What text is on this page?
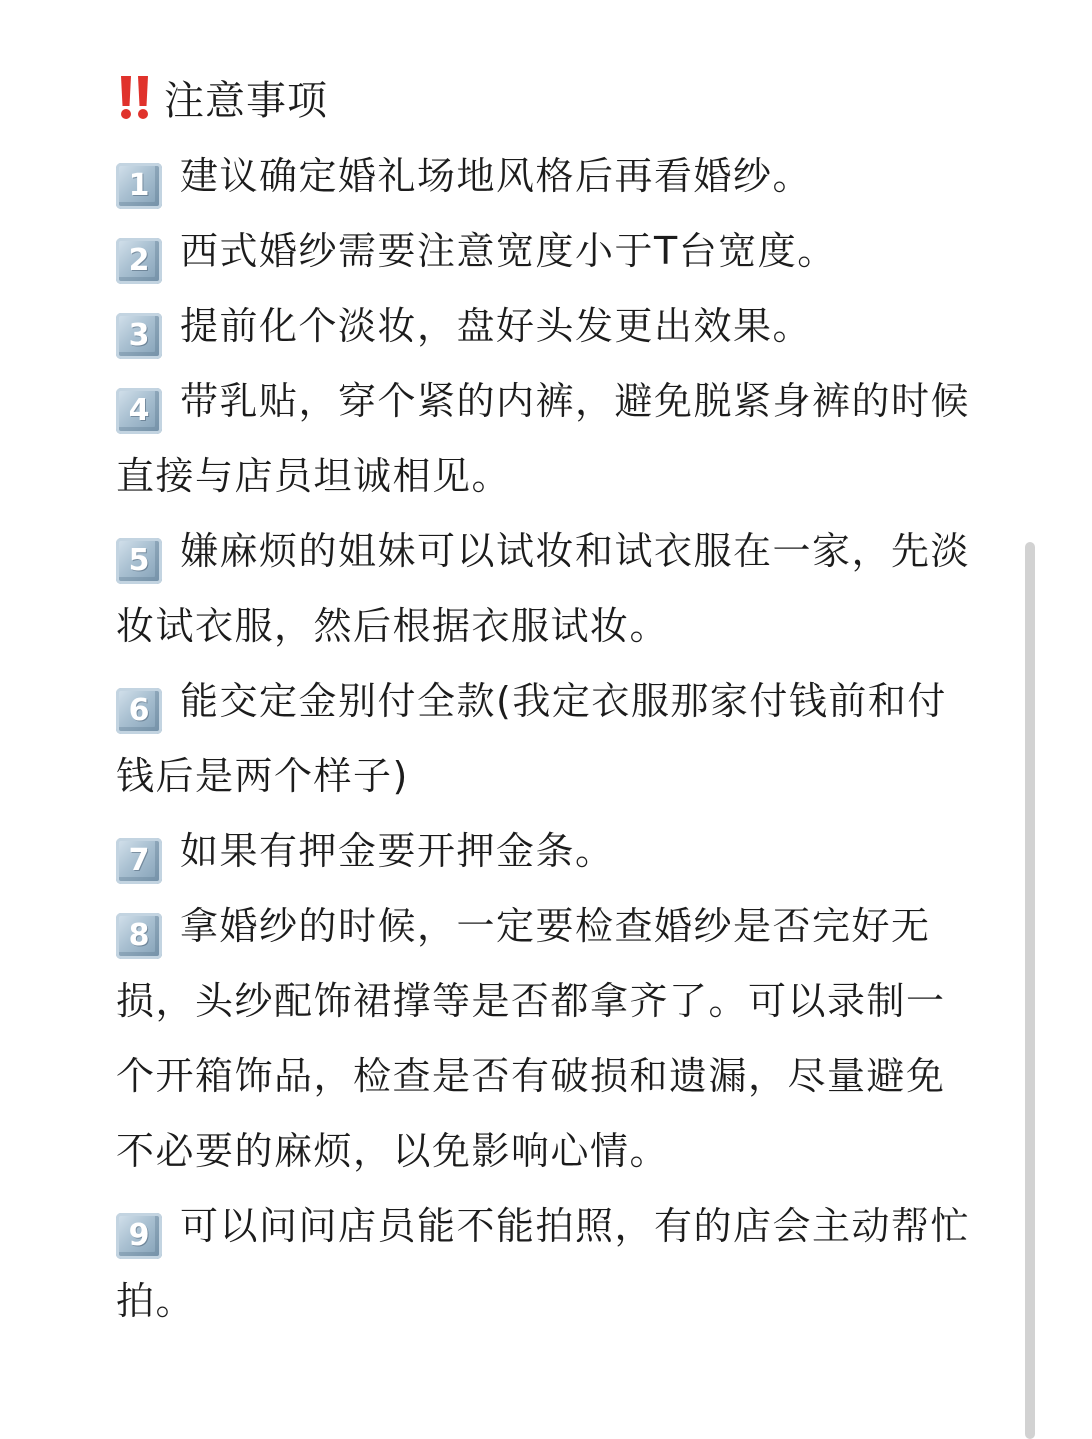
注意事项

1 建议确定婚礼场地风格后再看婚纱。

2 西式婚纱需要注意宽度小于T台宽度。

3 提前化个淡妆，盘好头发更出效果。

4 带乳贴，穿个紧的内裤，避免脱紧身裤的时候直接与店员坦诚相见。

5 嫌麻烦的姐妹可以试妆和试衣服在一家，先淡妆试衣服，然后根据衣服试妆。

6 能交定金别付全款(我定衣服那家付钱前和付钱后是两个样子)

7 如果有押金要开押金条。

8 拿婚纱的时候，一定要检查婚纱是否完好无损，头纱配饰裙撑等是否都拿齐了。可以录制一个开箱饰品，检查是否有破损和遗漏，尽量避免不必要的麻烦，以免影响心情。

9 可以问问店员能不能拍照，有的店会主动帮忙拍。
